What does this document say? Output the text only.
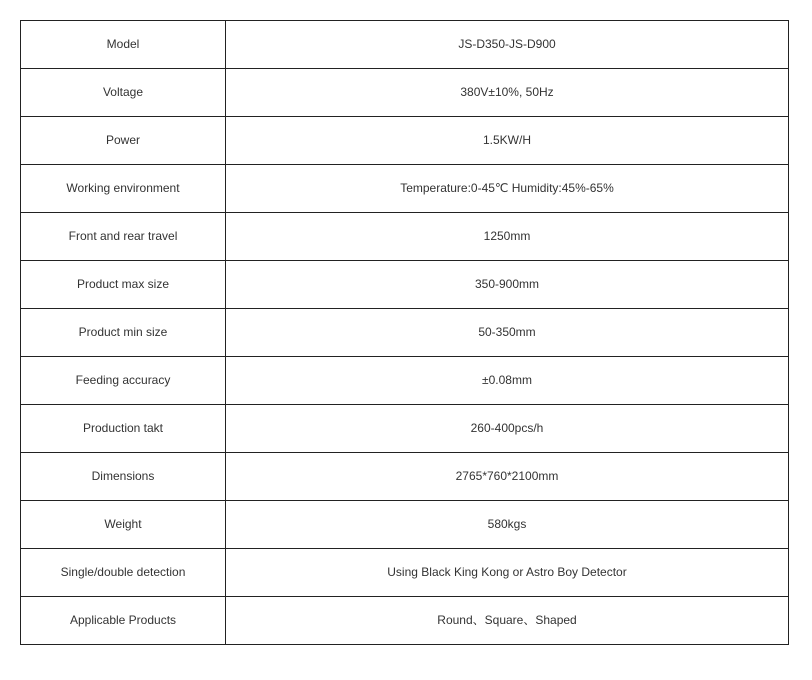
Model	JS-D350-JS-D900
Voltage	380V±10%, 50Hz
Power	1.5KW/H
Working environment	Temperature:0-45℃ Humidity:45%-65%
Front and rear travel	1250mm
Product max size	350-900mm
Product min size	50-350mm
Feeding accuracy	±0.08mm
Production takt	260-400pcs/h
Dimensions	2765*760*2100mm
Weight	580kgs
Single/double detection	Using Black King Kong or Astro Boy Detector
Applicable Products	Round、Square、Shaped
